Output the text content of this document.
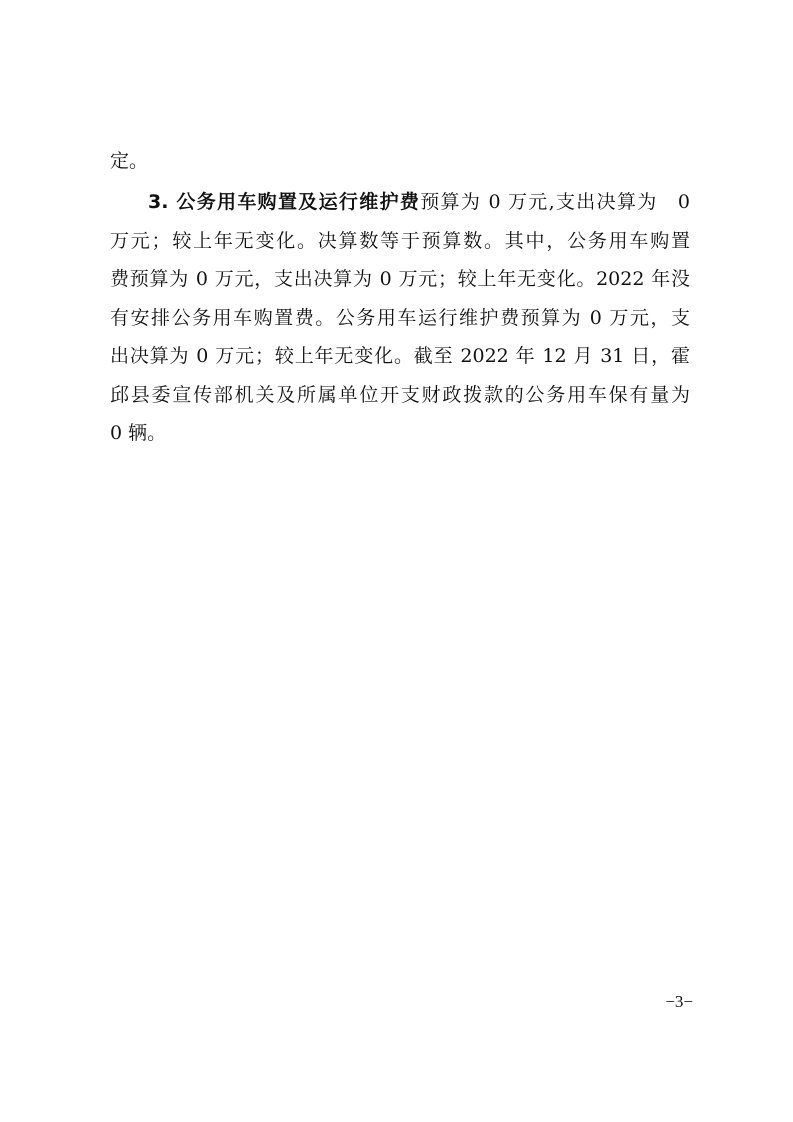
定。
3. 公务用车购置及运行维护费预算为 0 万元,支出决算为　0
万元；较上年无变化。决算数等于预算数。其中，公务用车购置
费预算为 0 万元，支出决算为 0 万元；较上年无变化。2022 年没
有安排公务用车购置费。公务用车运行维护费预算为 0 万元，支
出决算为 0 万元；较上年无变化。截至 2022 年 12 月 31 日，霍
邱县委宣传部机关及所属单位开支财政拨款的公务用车保有量为
0 辆。
−3−
